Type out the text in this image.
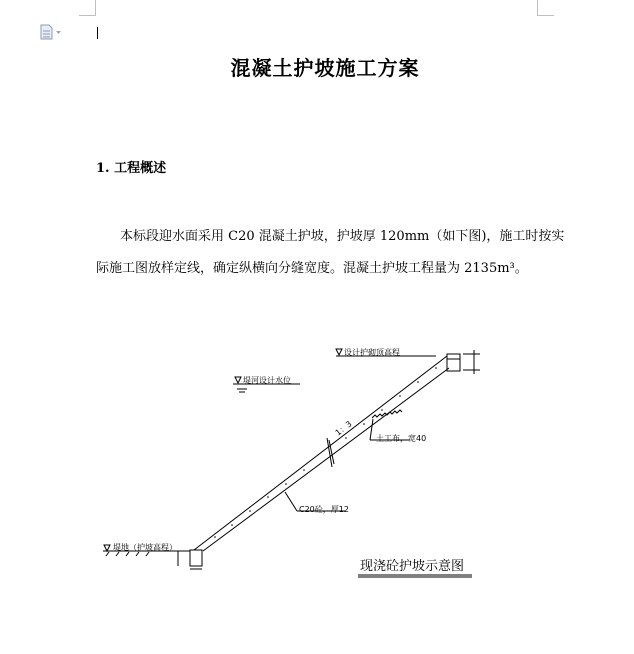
混凝土护坡施工方案
1. 工程概述
本标段迎水面采用 C20 混凝土护坡，护坡厚 120mm（如下图)，施工时按实
际施工图放样定线，确定纵横向分缝宽度。混凝土护坡工程量为 2135m³。
设计护砌顶高程
堤河设计水位
1：3
土工布，宽40
C20砼，厚12
堤地（护坡高程）
现浇砼护坡示意图
